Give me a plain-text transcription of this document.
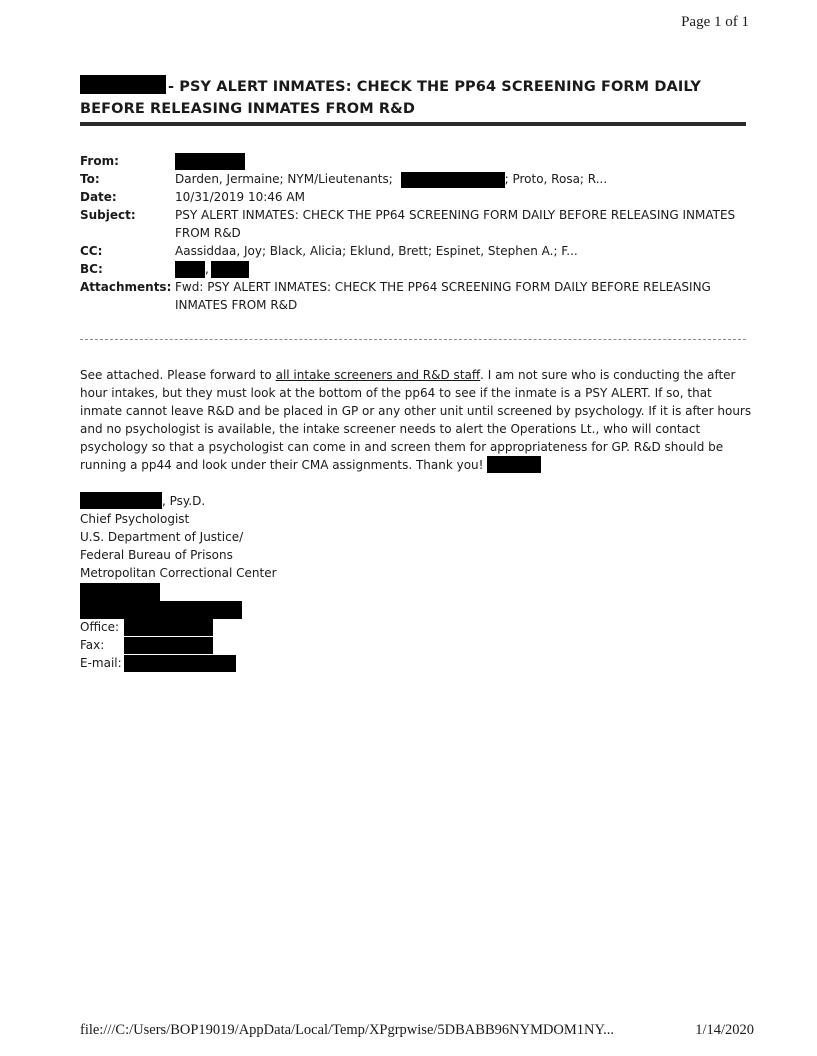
Page 1 of 1
- PSY ALERT INMATES: CHECK THE PP64 SCREENING FORM DAILY BEFORE RELEASING INMATES FROM R&D
From:
To:	Darden, Jermaine; NYM/Lieutenants;	; Proto, Rosa; R...
Date:	10/31/2019 10:46 AM
Subject:	PSY ALERT INMATES: CHECK THE PP64 SCREENING FORM DAILY BEFORE RELEASING INMATES FROM R&D
CC:	Aassiddaa, Joy; Black, Alicia; Eklund, Brett; Espinet, Stephen A.; F...
BC:	,
Attachments: Fwd: PSY ALERT INMATES: CHECK THE PP64 SCREENING FORM DAILY BEFORE RELEASING INMATES FROM R&D
See attached. Please forward to all intake screeners and R&D staff. I am not sure who is conducting the after hour intakes, but they must look at the bottom of the pp64 to see if the inmate is a PSY ALERT. If so, that inmate cannot leave R&D and be placed in GP or any other unit until screened by psychology. If it is after hours and no psychologist is available, the intake screener needs to alert the Operations Lt., who will contact psychology so that a psychologist can come in and screen them for appropriateness for GP. R&D should be running a pp44 and look under their CMA assignments. Thank you!
, Psy.D.
Chief Psychologist
U.S. Department of Justice/
Federal Bureau of Prisons
Metropolitan Correctional Center
Office:
Fax:
E-mail:
file:///C:/Users/BOP19019/AppData/Local/Temp/XPgrpwise/5DBABB96NYMDOM1NY...	1/14/2020
